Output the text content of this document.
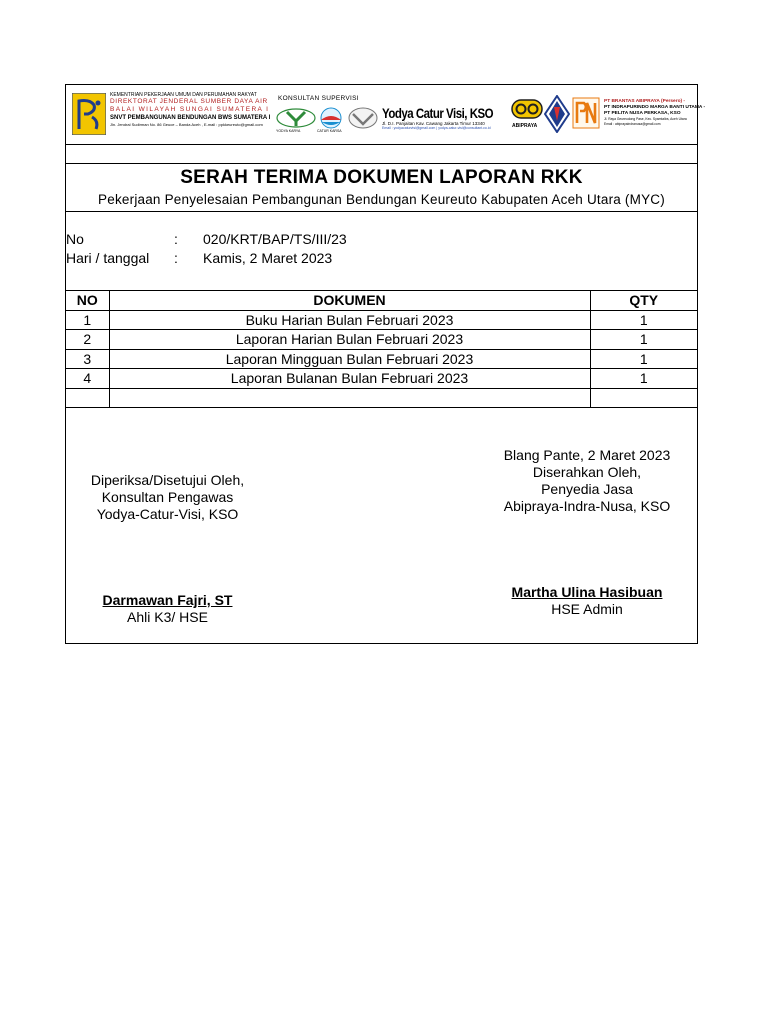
KEMENTRIAN PEKERJAAN UMUM DAN PERUMAHAN RAKYAT
DIREKTORAT JENDERAL SUMBER DAYA AIR
BALAI WILAYAH SUNGAI SUMATERA I
SNVT PEMBANGUNAN BENDUNGAN BWS SUMATERA I
Jln. Jendral Sudirman No. 86 Geuce – Banda Aceh , E-mail : ppkkeureuto@gmail.com
KONSULTAN SUPERVISI
YODYA KARYA	CATUR KARSA
Yodya Catur Visi, KSO
Jl. D.I. Panjaitan Kav. Cawang Jakarta Timur 13340
Email : yodyacaturvisi@gmail.com | yodya-catur-visi@consultant.co.id	ABIPRAYA
PT BRANTAS ABIPRAYA (Persero) -
PT INDRAPURINDO MARGA BANTI UTAMA -
PT PELITA NUSA PERKASA, KSO
Jl. Raya Geureudong Pase, Kec. Syamtalira, Aceh Utara
Email : abiprayaindranusa@gmail.com
SERAH TERIMA DOKUMEN LAPORAN RKK
Pekerjaan Penyelesaian Pembangunan Bendungan Keureuto Kabupaten Aceh Utara (MYC)
No	: 020/KRT/BAP/TS/III/23
Hari / tanggal : Kamis, 2 Maret 2023
NO	DOKUMEN	QTY
1	Buku Harian Bulan Februari 2023	1
2	Laporan Harian Bulan Februari 2023	1
3	Laporan Mingguan Bulan Februari 2023	1
4	Laporan Bulanan Bulan Februari 2023	1

Diperiksa/Disetujui Oleh,
Konsultan Pengawas
Yodya-Catur-Visi, KSO
Darmawan Fajri, ST
Ahli K3/ HSE
Blang Pante, 2 Maret 2023
Diserahkan Oleh,
Penyedia Jasa
Abipraya-Indra-Nusa, KSO
Martha Ulina Hasibuan
HSE Admin
